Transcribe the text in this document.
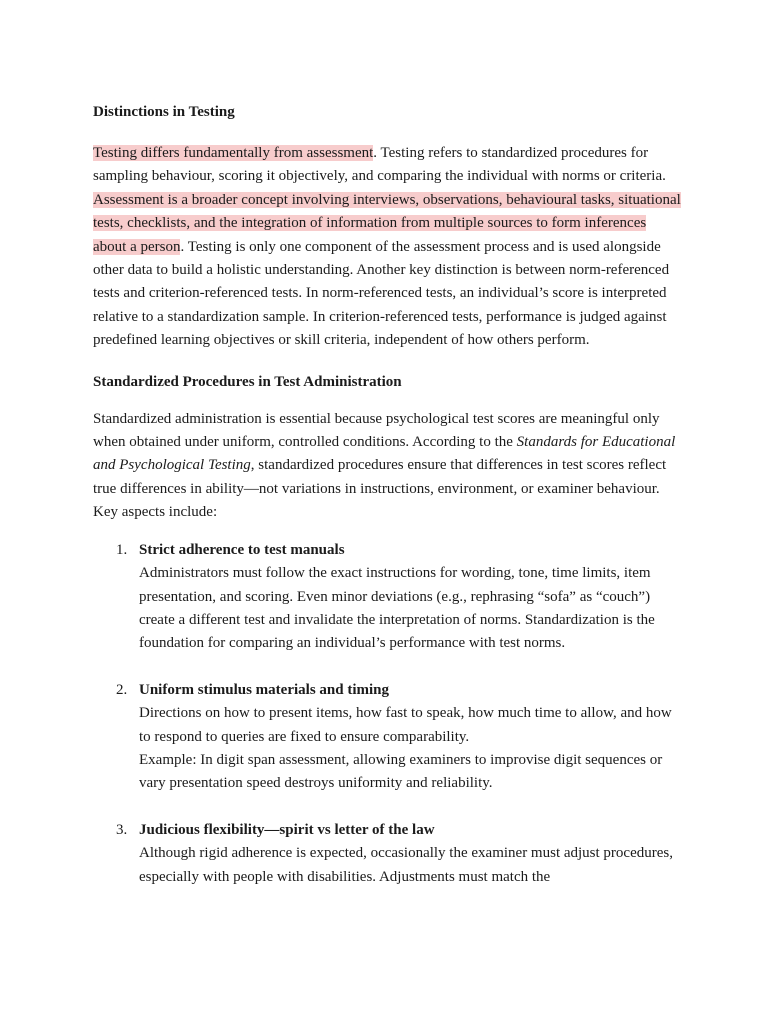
Distinctions in Testing

Testing differs fundamentally from assessment. Testing refers to standardized procedures for sampling behaviour, scoring it objectively, and comparing the individual with norms or criteria. Assessment is a broader concept involving interviews, observations, behavioural tasks, situational tests, checklists, and the integration of information from multiple sources to form inferences about a person. Testing is only one component of the assessment process and is used alongside other data to build a holistic understanding. Another key distinction is between norm-referenced tests and criterion-referenced tests. In norm-referenced tests, an individual’s score is interpreted relative to a standardization sample. In criterion-referenced tests, performance is judged against predefined learning objectives or skill criteria, independent of how others perform.

Standardized Procedures in Test Administration

Standardized administration is essential because psychological test scores are meaningful only when obtained under uniform, controlled conditions. According to the Standards for Educational and Psychological Testing, standardized procedures ensure that differences in test scores reflect true differences in ability—not variations in instructions, environment, or examiner behaviour. Key aspects include:

1. Strict adherence to test manuals
Administrators must follow the exact instructions for wording, tone, time limits, item presentation, and scoring. Even minor deviations (e.g., rephrasing “sofa” as “couch”) create a different test and invalidate the interpretation of norms. Standardization is the foundation for comparing an individual’s performance with test norms.
2. Uniform stimulus materials and timing
Directions on how to present items, how fast to speak, how much time to allow, and how to respond to queries are fixed to ensure comparability.
Example: In digit span assessment, allowing examiners to improvise digit sequences or vary presentation speed destroys uniformity and reliability.
3. Judicious flexibility—spirit vs letter of the law
Although rigid adherence is expected, occasionally the examiner must adjust procedures, especially with people with disabilities. Adjustments must match the
